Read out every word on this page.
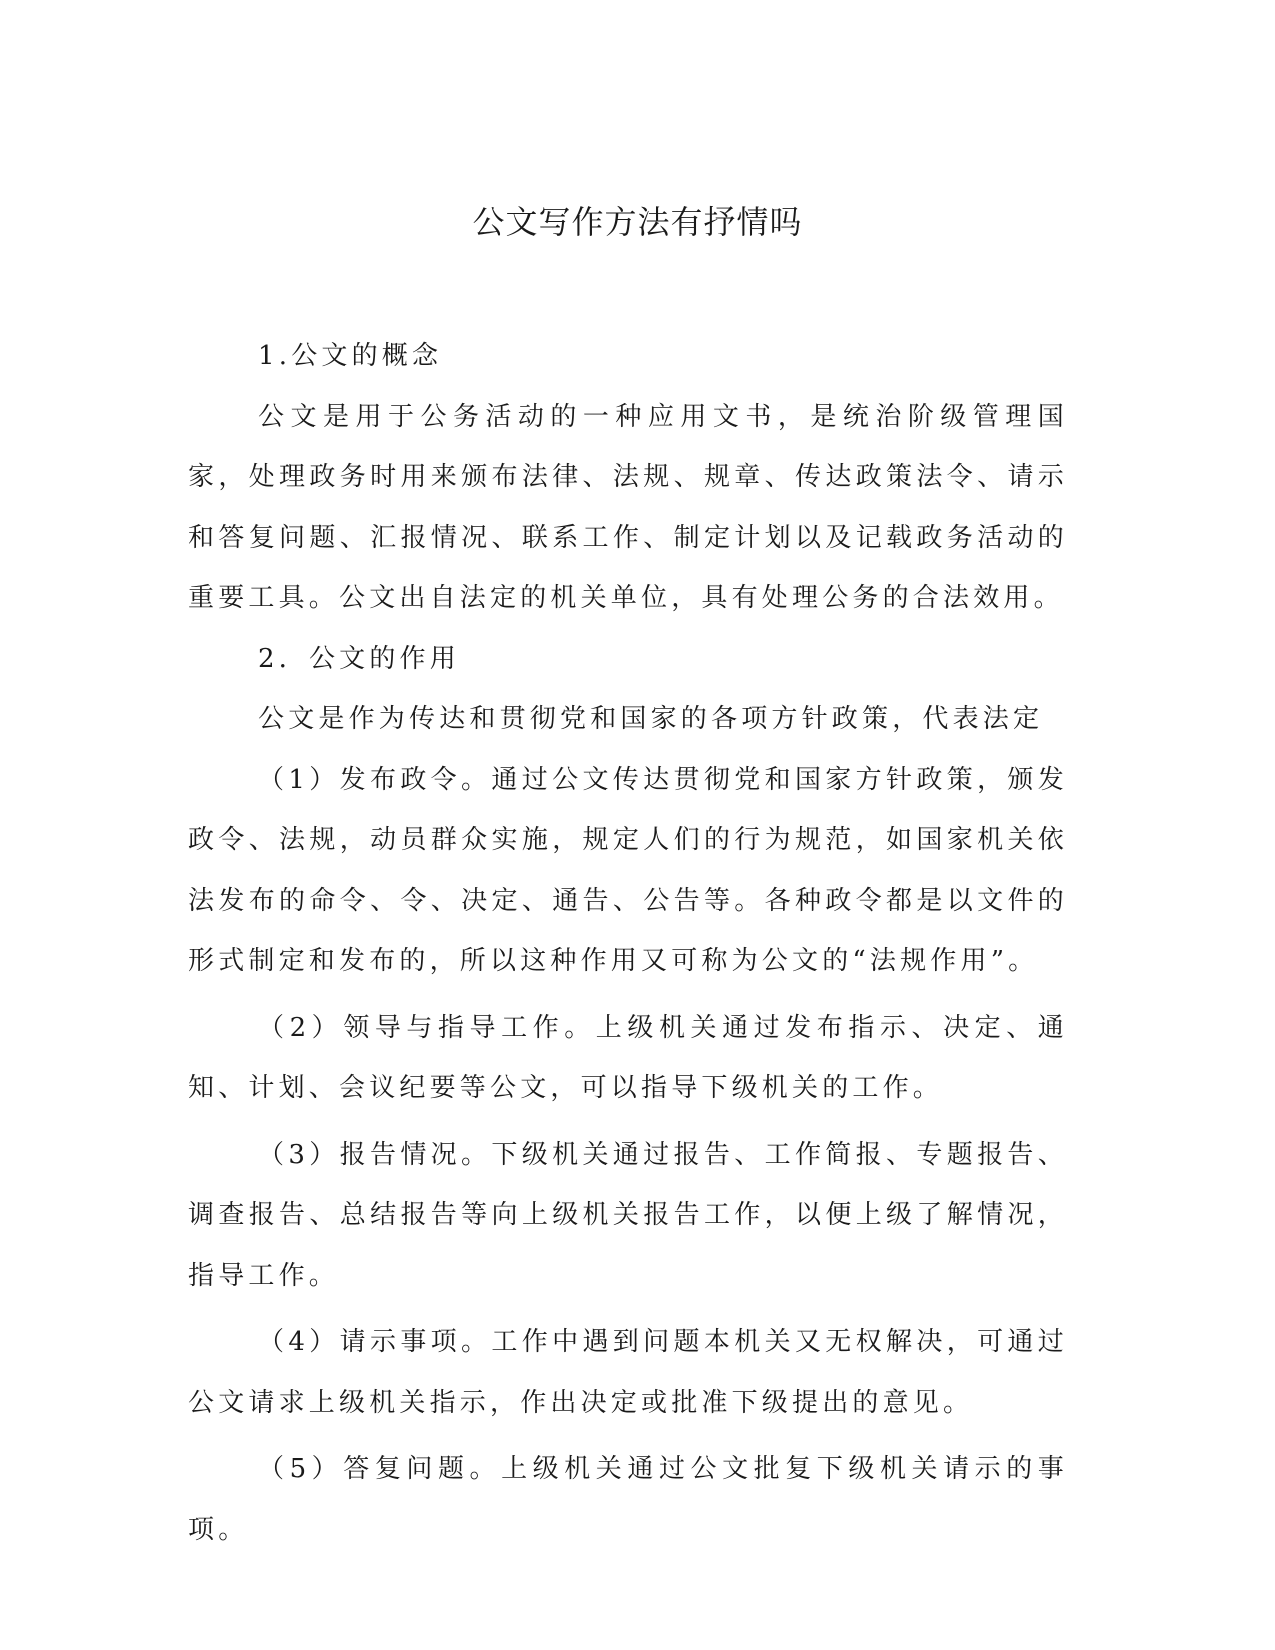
公文写作方法有抒情吗

1.公文的概念

公文是用于公务活动的一种应用文书，是统治阶级管理国家，处理政务时用来颁布法律、法规、规章、传达政策法令、请示和答复问题、汇报情况、联系工作、制定计划以及记载政务活动的重要工具。公文出自法定的机关单位，具有处理公务的合法效用。

2．公文的作用

公文是作为传达和贯彻党和国家的各项方针政策，代表法定

（1）发布政令。通过公文传达贯彻党和国家方针政策，颁发政令、法规，动员群众实施，规定人们的行为规范，如国家机关依法发布的命令、令、决定、通告、公告等。各种政令都是以文件的形式制定和发布的，所以这种作用又可称为公文的“法规作用”。

（2）领导与指导工作。上级机关通过发布指示、决定、通知、计划、会议纪要等公文，可以指导下级机关的工作。

（3）报告情况。下级机关通过报告、工作简报、专题报告、调查报告、总结报告等向上级机关报告工作，以便上级了解情况，指导工作。

（4）请示事项。工作中遇到问题本机关又无权解决，可通过公文请求上级机关指示，作出决定或批准下级提出的意见。

（5）答复问题。上级机关通过公文批复下级机关请示的事项。
